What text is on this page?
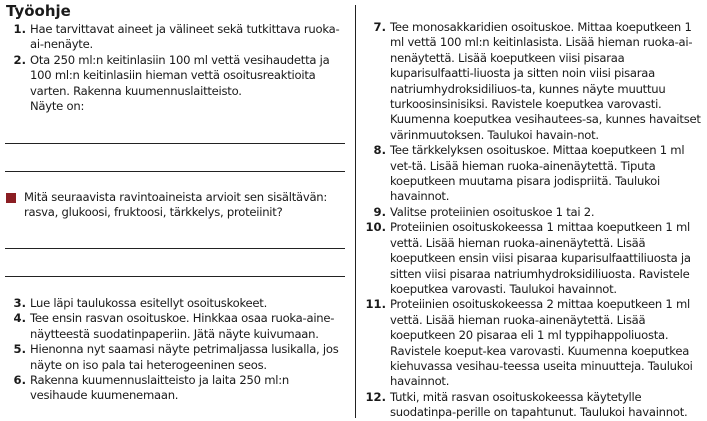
Työohje
1. Hae tarvittavat aineet ja välineet sekä tutkittava ruoka-ai-nenäyte.
2. Ota 250 ml:n keitinlasiin 100 ml vettä vesihaudetta ja 100 ml:n keitinlasiin hieman vettä osoitusreaktioita varten. Rakenna kuumennuslaitteisto.
Näyte on:
Mitä seuraavista ravintoaineista arvioit sen sisältävän: rasva, glukoosi, fruktoosi, tärkkelys, proteiinit?
3. Lue läpi taulukossa esitellyt osoituskokeet.
4. Tee ensin rasvan osoituskoe. Hinkkaa osaa ruoka-aine-näytteestä suodatinpaperiin. Jätä näyte kuivumaan.
5. Hienonna nyt saamasi näyte petrimaljassa lusikalla, jos näyte on iso pala tai heterogeeninen seos.
6. Rakenna kuumennuslaitteisto ja laita 250 ml:n vesihaude kuumenemaan.
7. Tee monosakkaridien osoituskoe. Mittaa koeputkeen 1 ml vettä 100 ml:n keitinlasista. Lisää hieman ruoka-ai-nenäytettä. Lisää koeputkeen viisi pisaraa kuparisulfaatti-liuosta ja sitten noin viisi pisaraa natriumhydroksidiliuos-ta, kunnes näyte muuttuu turkoosinsinisiksi. Ravistele koeputkea varovasti. Kuumenna koeputkea vesihautees-sa, kunnes havaitset värinmuutoksen. Taulukoi havain-not.
8. Tee tärkkelyksen osoituskoe. Mittaa koeputkeen 1 ml vet-tä. Lisää hieman ruoka-ainenäytettä. Tiputa koeputkeen muutama pisara jodispriitä. Taulukoi havainnot.
9. Valitse proteiinien osoituskoe 1 tai 2.
10. Proteiinien osoituskokeessa 1 mittaa koeputkeen 1 ml vettä. Lisää hieman ruoka-ainenäytettä. Lisää koeputkeen ensin viisi pisaraa kuparisulfaattiliuosta ja sitten viisi pisaraa natriumhydroksidiliuosta. Ravistele koeputkea varovasti. Taulukoi havainnot.
11. Proteiinien osoituskokeessa 2 mittaa koeputkeen 1 ml vettä. Lisää hieman ruoka-ainenäytettä. Lisää koeputkeen 20 pisaraa eli 1 ml typpihappoliuosta. Ravistele koeput-kea varovasti. Kuumenna koeputkea kiehuvassa vesihau-teessa useita minuutteja. Taulukoi havainnot.
12. Tutki, mitä rasvan osoituskokeessa käytetylle suodatinpa-perille on tapahtunut. Taulukoi havainnot.
